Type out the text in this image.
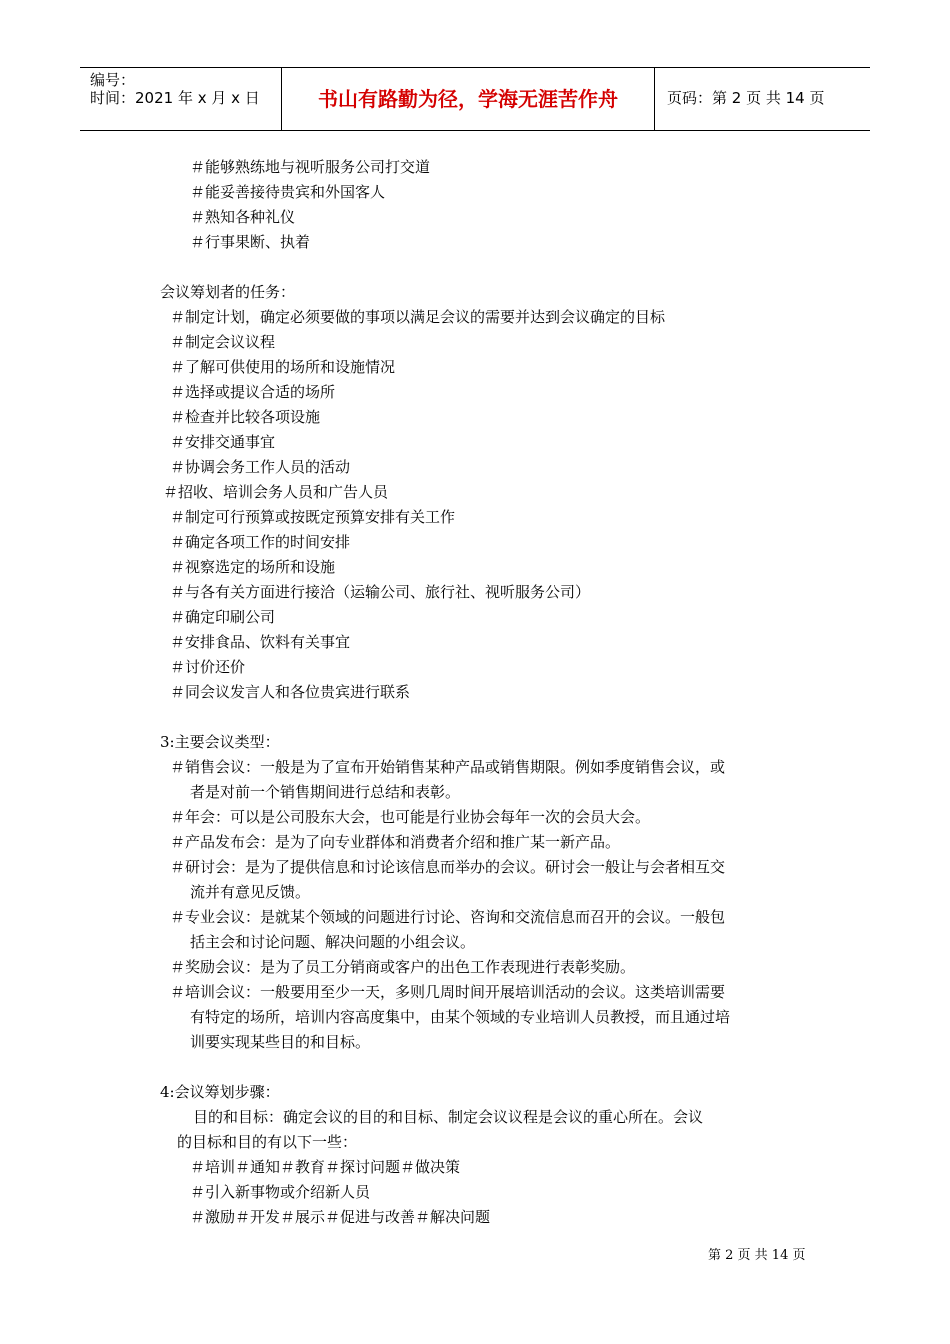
编号：
时间：2021 年 x 月 x 日	书山有路勤为径，学海无涯苦作舟	页码：第 2 页 共 14 页
＃能够熟练地与视听服务公司打交道
＃能妥善接待贵宾和外国客人
＃熟知各种礼仪
＃行事果断、执着
会议筹划者的任务：
＃制定计划，确定必须要做的事项以满足会议的需要并达到会议确定的目标
＃制定会议议程
＃了解可供使用的场所和设施情况
＃选择或提议合适的场所
＃检查并比较各项设施
＃安排交通事宜
＃协调会务工作人员的活动
＃招收、培训会务人员和广告人员
＃制定可行预算或按既定预算安排有关工作
＃确定各项工作的时间安排
＃视察选定的场所和设施
＃与各有关方面进行接洽（运输公司、旅行社、视听服务公司）
＃确定印刷公司
＃安排食品、饮料有关事宜
＃讨价还价
＃同会议发言人和各位贵宾进行联系
3:主要会议类型：
＃销售会议：一般是为了宣布开始销售某种产品或销售期限。例如季度销售会议，或
者是对前一个销售期间进行总结和表彰。
＃年会：可以是公司股东大会，也可能是行业协会每年一次的会员大会。
＃产品发布会：是为了向专业群体和消费者介绍和推广某一新产品。
＃研讨会：是为了提供信息和讨论该信息而举办的会议。研讨会一般让与会者相互交
流并有意见反馈。
＃专业会议：是就某个领域的问题进行讨论、咨询和交流信息而召开的会议。一般包
括主会和讨论问题、解决问题的小组会议。
＃奖励会议：是为了员工分销商或客户的出色工作表现进行表彰奖励。
＃培训会议：一般要用至少一天，多则几周时间开展培训活动的会议。这类培训需要
有特定的场所，培训内容高度集中，由某个领域的专业培训人员教授，而且通过培
训要实现某些目的和目标。
4:会议筹划步骤：
目的和目标：确定会议的目的和目标、制定会议议程是会议的重心所在。会议
的目标和目的有以下一些：
＃培训＃通知＃教育＃探讨问题＃做决策
＃引入新事物或介绍新人员
＃激励＃开发＃展示＃促进与改善＃解决问题
第 2 页 共 14 页
